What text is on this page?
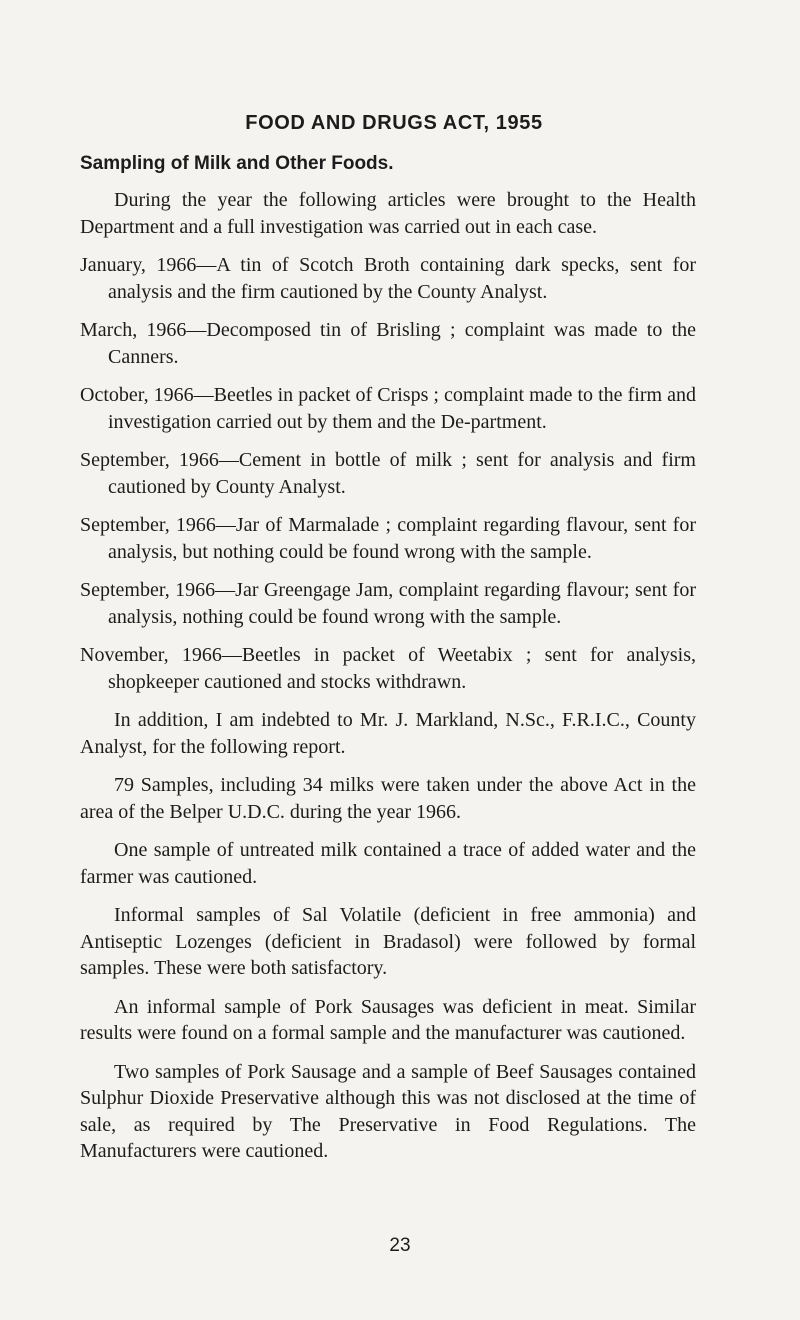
FOOD AND DRUGS ACT, 1955
Sampling of Milk and Other Foods.

During the year the following articles were brought to the Health Department and a full investigation was carried out in each case.

January, 1966—A tin of Scotch Broth containing dark specks, sent for analysis and the firm cautioned by the County Analyst.

March, 1966—Decomposed tin of Brisling ; complaint was made to the Canners.

October, 1966—Beetles in packet of Crisps ; complaint made to the firm and investigation carried out by them and the De-partment.

September, 1966—Cement in bottle of milk ; sent for analysis and firm cautioned by County Analyst.

September, 1966—Jar of Marmalade ; complaint regarding flavour, sent for analysis, but nothing could be found wrong with the sample.

September, 1966—Jar Greengage Jam, complaint regarding flavour; sent for analysis, nothing could be found wrong with the sample.

November, 1966—Beetles in packet of Weetabix ; sent for analysis, shopkeeper cautioned and stocks withdrawn.

In addition, I am indebted to Mr. J. Markland, N.Sc., F.R.I.C., County Analyst, for the following report.

79 Samples, including 34 milks were taken under the above Act in the area of the Belper U.D.C. during the year 1966.

One sample of untreated milk contained a trace of added water and the farmer was cautioned.

Informal samples of Sal Volatile (deficient in free ammonia) and Antiseptic Lozenges (deficient in Bradasol) were followed by formal samples. These were both satisfactory.

An informal sample of Pork Sausages was deficient in meat. Similar results were found on a formal sample and the manufacturer was cautioned.

Two samples of Pork Sausage and a sample of Beef Sausages contained Sulphur Dioxide Preservative although this was not disclosed at the time of sale, as required by The Preservative in Food Regulations. The Manufacturers were cautioned.

23
